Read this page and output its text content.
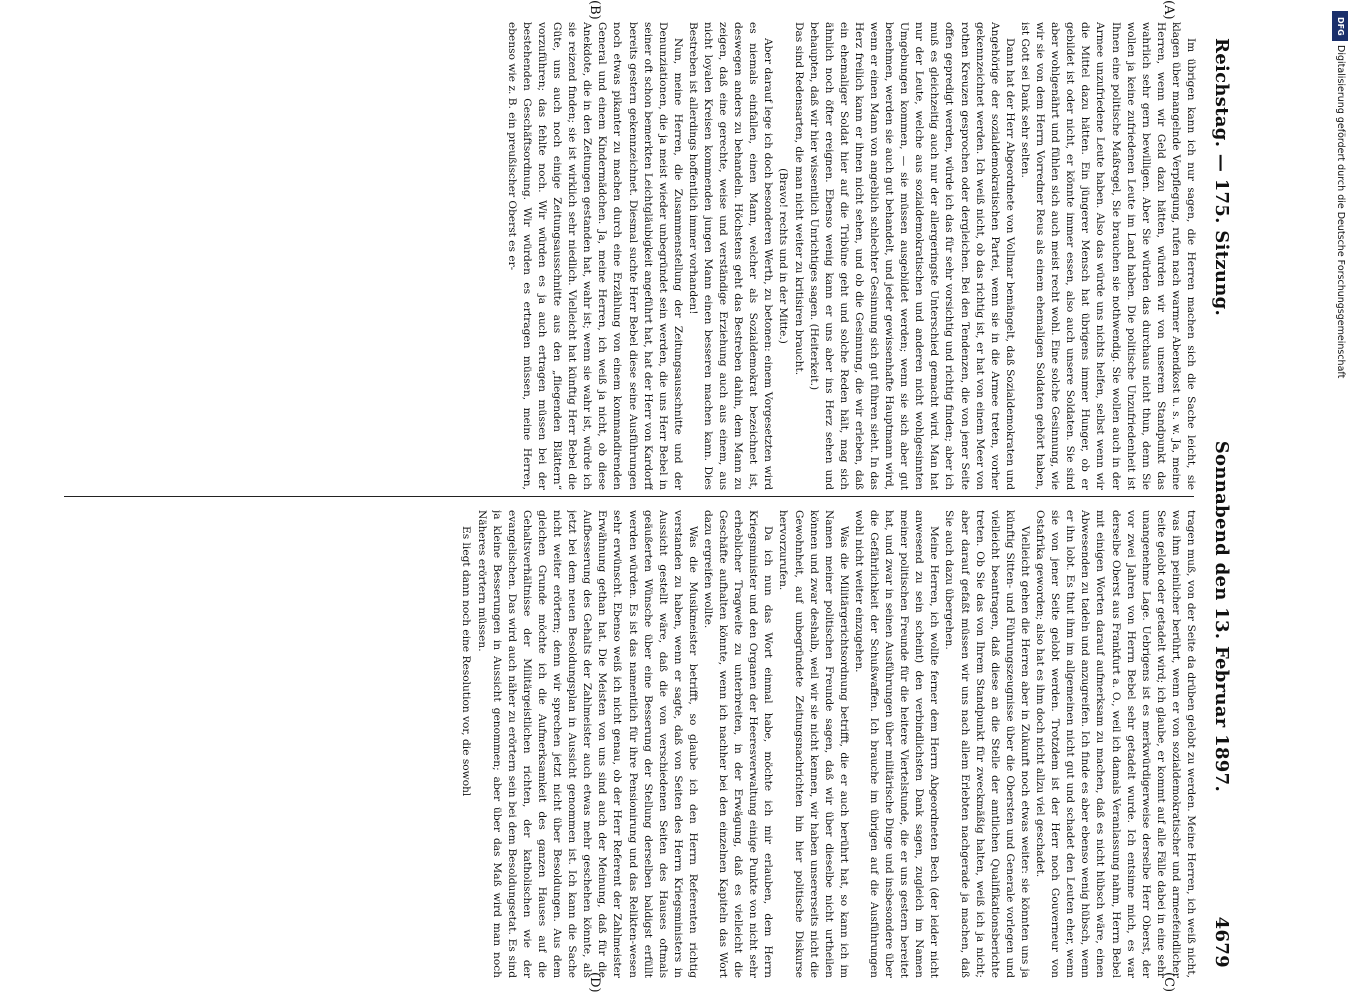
Reichstag. — 175. Sitzung.
Sonnabend den 13. Februar 1897.
4679
(A)
(B)
(C)
(D)

Im übrigen kann ich nur sagen, die Herren machen sich die Sache leicht, sie klagen über mangelnde Verpflegung, rufen nach warmer Abendkost u. s. w. Ja, meine Herren, wenn wir Geld dazu hätten, würden wir von unserem Standpunkt das wahrlich sehr gern bewilligen. Aber Sie würden das durchaus nicht thun, denn Sie wollen ja keine zufriedenen Leute im Land haben. Die politische Unzufriedenheit ist Ihnen eine politische Maßregel, Sie brauchen sie nothwendig. Sie wollen auch in der Armee unzufriedene Leute haben. Also das würde uns nichts helfen, selbst wenn wir die Mittel dazu hätten. Ein jüngerer Mensch hat übrigens immer Hunger, ob er gebildet ist oder nicht, er könnte immer essen, also auch unsere Soldaten. Sie sind aber wohlgenährt und fühlen sich auch meist recht wohl. Eine solche Gesinnung, wie wir sie von dem Herrn Vorredner Reus als einem ehemaligen Soldaten gehört haben, ist Gott sei Dank sehr selten.

Dann hat der Herr Abgeordnete von Vollmar bemängelt, daß Sozialdemokraten und Angehörige der sozialdemokratischen Partei, wenn sie in die Armee treten, vorher gekennzeichnet werden. Ich weiß nicht, ob das richtig ist, er hat von einem Meer von rothen Kreuzen gesprochen oder dergleichen. Bei den Tendenzen, die von jener Seite offen gepredigt werden, würde ich das für sehr vorsichtig und richtig finden; aber ich muß es gleichzeitig auch nur der allergeringste Unterschied gemacht wird. Man hat nur der Leute, welche aus sozialdemokratischen und anderen nicht wohlgesinnten Umgebungen kommen, — sie müssen ausgebildet werden; wenn sie sich aber gut benehmen, werden sie auch gut behandelt, und jeder gewissenhafte Hauptmann wird, wenn er einen Mann von angeblich schlechter Gesinnung sich gut führen sieht. In das Herz freilich kann er ihnen nicht sehen, und ob die Gesinnung, die wir erleben, daß ein ehemaliger Soldat hier auf die Tribüne geht und solche Reden hält, mag sich ähnlich noch öfter ereignen. Ebenso wenig kann er uns aber ins Herz sehen und behaupten, daß wir hier wissentlich Unrichtiges sagen. (Heiterkeit.)

Das sind Redensarten, die man nicht weiter zu kritisiren braucht.

(Bravo! rechts und in der Mitte.)

Aber darauf lege ich doch besonderen Werth, zu betonen: einem Vorgesetzten wird es niemals einfallen, einen Mann, welcher als Sozialdemokrat bezeichnet ist, deswegen anders zu behandeln. Höchstens geht das Bestreben dahin, dem Mann zu zeigen, daß eine gerechte, weise und verständige Erziehung auch aus einem, aus nicht loyalen Kreisen kommenden jungen Mann einen besseren machen kann. Dies Bestreben ist allerdings hoffentlich immer vorhanden!

Nun, meine Herren, die Zusammenstellung der Zeitungsausschnitte und der Denunziationen, die ja meist wieder unbegründet sein werden, die uns Herr Bebel in seiner oft schon bemerkten Leichtgläubigkeit angeführt hat, hat der Herr von Kardorff bereits gestern gekennzeichnet. Diesmal suchte Herr Bebel diese seine Ausführungen noch etwas pikanter zu machen durch eine Erzählung von einem kommandirenden General und einem Kindermädchen. Ja, meine Herren, ich weiß ja nicht, ob diese Anekdote, die in den Zeitungen gestanden hat, wahr ist; wenn sie wahr ist, würde ich sie reizend finden; sie ist wirklich sehr niedlich. Vielleicht hat künftig Herr Bebel die Güte, uns auch noch einige Zeitungsausschnitte aus den „fliegenden Blättern“ vorzuführen; das fehlte noch. Wir würden es ja auch ertragen müssen bei der bestehenden Geschäftsordnung. Wir würden es ertragen müssen, meine Herren, ebenso wie z. B. ein preußischer Oberst es er-

tragen muß, von der Seite da drüben gelobt zu werden. Meine Herren, ich weiß nicht, was ihm peinlicher berührt, wenn er von sozialdemokratischer und armeefeindlicher Seite gelobt oder getadelt wird; ich glaube, er kommt auf alle Fälle dabei in eine sehr unangenehme Lage. Uebrigens ist es merkwürdigerweise derselbe Herr Oberst, der vor zwei Jahren von Herrn Bebel sehr getadelt wurde. Ich entsinne mich, es war derselbe Oberst aus Frankfurt a. O., weil ich damals Veranlassung nahm, Herrn Bebel mit einigen Worten darauf aufmerksam zu machen, daß es nicht hübsch wäre, einen Abwesenden zu tadeln und anzugreifen. Ich finde es aber ebenso wenig hübsch, wenn er ihn lobt. Es thut ihm im allgemeinen nicht gut und schadet den Leuten eher, wenn sie von jener Seite gelobt werden. Trotzdem ist der Herr noch Gouverneur von Ostafrika geworden; also hat es ihm doch nicht allzu viel geschadet.

Vielleicht gehen die Herren aber in Zukunft noch etwas weiter: sie könnten uns ja künftig Sitten- und Führungszeugnisse über die Obersten und Generale vorlegen und vielleicht beantragen, daß diese an die Stelle der amtlichen Qualifikationsberichte treten. Ob Sie das von Ihrem Standpunkt für zweckmäßig halten, weiß ich ja nicht; aber darauf gefaßt müssen wir uns nach allem Erlebten nachgerade ja machen, daß Sie auch dazu übergehen.

Meine Herren, ich wollte ferner dem Herrn Abgeordneten Bech (der leider nicht anwesend zu sein scheint) den verbindlichsten Dank sagen, zugleich im Namen meiner politischen Freunde für die heitere Viertelstunde, die er uns gestern bereitet hat, und zwar in seinen Ausführungen über militärische Dinge und insbesondere über die Gefährlichkeit der Schußwaffen. Ich brauche im übrigen auf die Ausführungen wohl nicht weiter einzugehen.

Was die Militärgerichtsordnung betrifft, die er auch berührt hat, so kann ich im Namen meiner politischen Freunde sagen, daß wir über dieselbe nicht urtheilen können und zwar deshalb, weil wir sie nicht kennen, wir haben unsererseits nicht die Gewohnheit, auf unbegründete Zeitungsnachrichten hin hier politische Diskurse hervorzurufen.

Da ich nun das Wort einmal habe, möchte ich mir erlauben, dem Herrn Kriegsminister und den Organen der Heeresverwaltung einige Punkte von nicht sehr erheblicher Tragweite zu unterbreiten, in der Erwägung, daß es vielleicht die Geschäfte aufhalten könnte, wenn ich nachher bei den einzelnen Kapiteln das Wort dazu ergreifen wollte.

Was die Musikmeister betrifft, so glaube ich den Herrn Referenten richtig verstanden zu haben, wenn er sagte, daß von Seiten des Herrn Kriegsministers in Aussicht gestellt wäre, daß die von verschiedenen Seiten des Hauses oftmals geäußerten Wünsche über eine Besserung der Stellung derselben baldigst erfüllt werden würden. Es ist das namentlich für ihre Pensionirung und das Relikten-wesen sehr erwünscht. Ebenso weiß ich nicht genau, ob der Herr Referent der Zahlmeister Erwähnung gethan hat. Die Meisten von uns sind auch der Meinung, daß für die Aufbesserung des Gehalts der Zahlmeister auch etwas mehr geschehen könnte, als jetzt bei dem neuen Besoldungsplan in Aussicht genommen ist. Ich kann die Sache nicht weiter erörtern; denn wir sprechen jetzt nicht über Besoldungen. Aus dem gleichen Grunde möchte ich die Aufmerksamkeit des ganzen Hauses auf die Gehaltsverhältnisse der Militärgeistlichen richten, der katholischen wie der evangelischen. Das wird auch näher zu erörtern sein bei dem Besoldungsetat. Es sind ja kleine Besserungen in Aussicht genommen; aber über das Maß wird man noch Näheres erörtern müssen.

Es liegt dann noch eine Resolution vor, die sowohl

DFG
Digitalisierung gefördert durch die Deutsche Forschungsgemeinschaft
